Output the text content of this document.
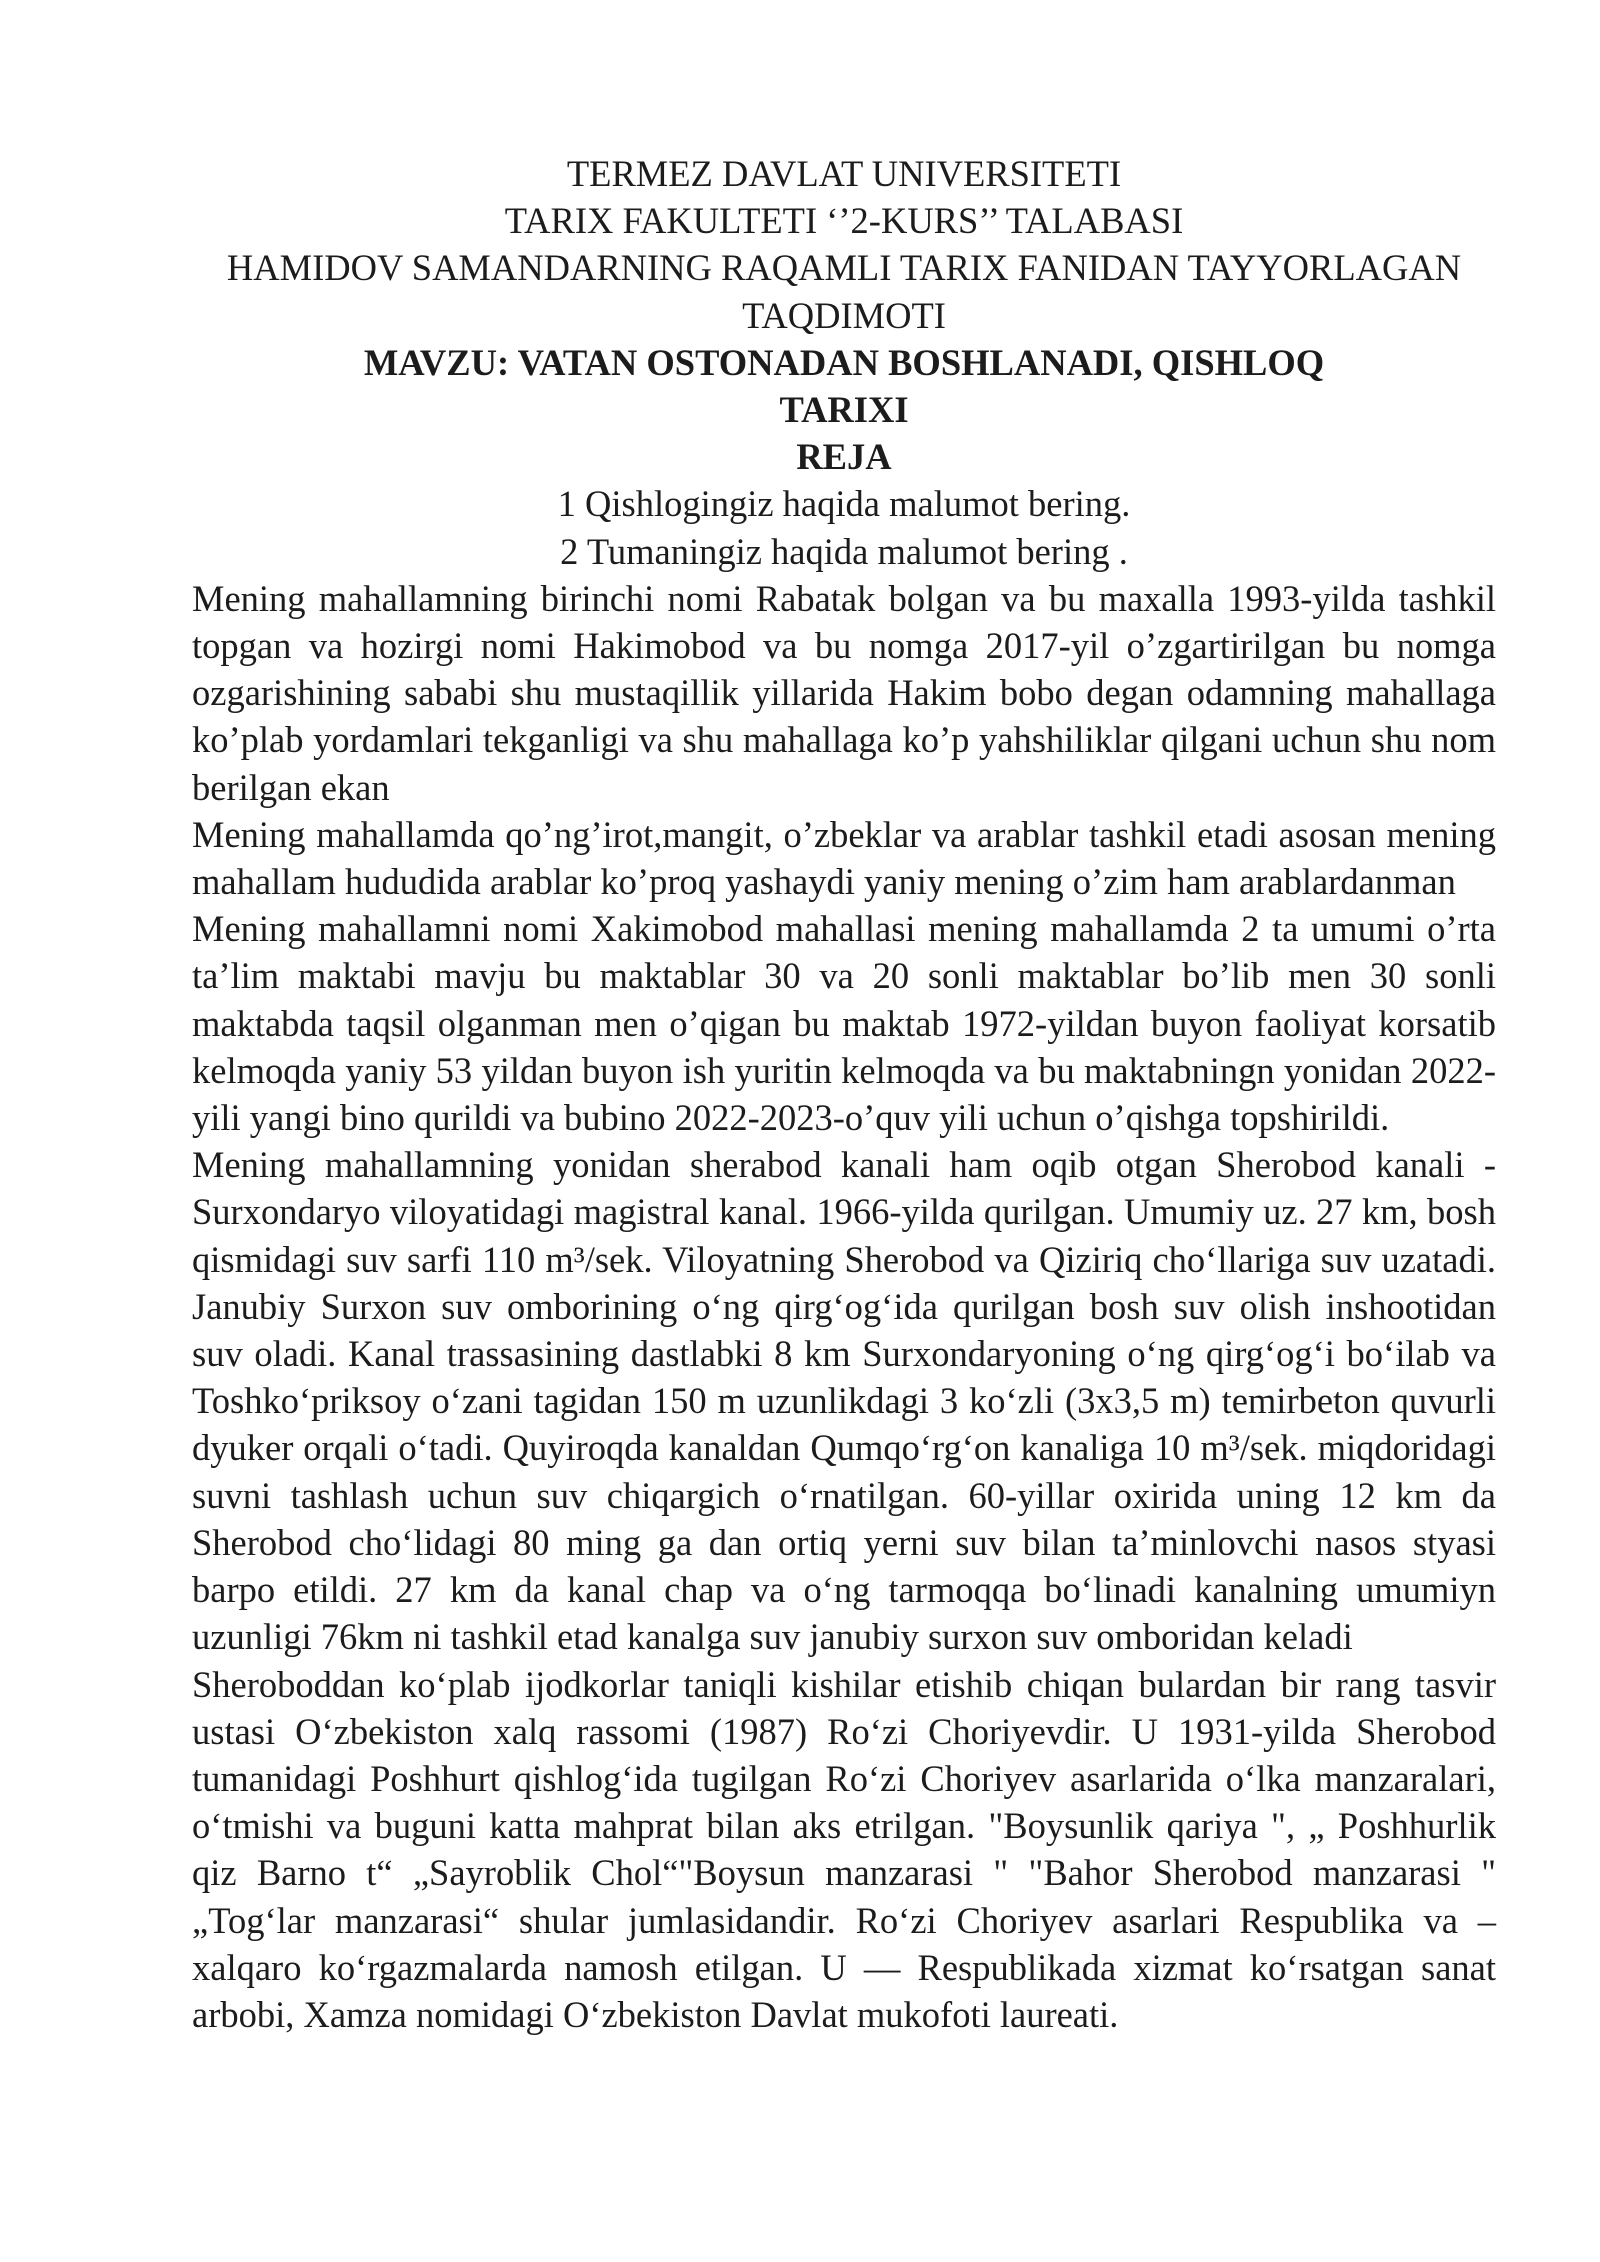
TERMEZ DAVLAT UNIVERSITETI
TARIX FAKULTETI ‘’2-KURS’’ TALABASI
HAMIDOV SAMANDARNING RAQAMLI TARIX FANIDAN TAYYORLAGAN TAQDIMOTI
MAVZU: VATAN OSTONADAN BOSHLANADI, QISHLOQ TARIXI
REJA
1 Qishlogingiz haqida malumot bering.
2 Tumaningiz haqida malumot bering .

Mening mahallamning birinchi nomi Rabatak bolgan va bu maxalla 1993-yilda tashkil topgan va hozirgi nomi Hakimobod va bu nomga 2017-yil o’zgartirilgan bu nomga ozgarishining sababi shu mustaqillik yillarida Hakim bobo degan odamning mahallaga ko’plab yordamlari tekganligi va shu mahallaga ko’p yahshiliklar qilgani uchun shu nom berilgan ekan

Mening mahallamda qo’ng’irot,mangit, o’zbeklar va arablar tashkil etadi asosan mening mahallam hududida arablar ko’proq yashaydi yaniy mening o’zim ham arablardanman

Mening mahallamni nomi Xakimobod mahallasi mening mahallamda 2 ta umumi o’rta ta’lim maktabi mavju bu maktablar 30 va 20 sonli maktablar bo’lib men 30 sonli maktabda taqsil olganman men o’qigan bu maktab 1972-yildan buyon faoliyat korsatib kelmoqda yaniy 53 yildan buyon ish yuritin kelmoqda va bu maktabningn yonidan 2022-yili yangi bino qurildi va bubino 2022-2023-o’quv yili uchun o’qishga topshirildi.

Mening mahallamning yonidan sherabod kanali ham oqib otgan Sherobod kanali - Surxondaryo viloyatidagi magistral kanal. 1966-yilda qurilgan. Umumiy uz. 27 km, bosh qismidagi suv sarfi 110 m³/sek. Viloyatning Sherobod va Qiziriq cho‘llariga suv uzatadi. Janubiy Surxon suv omborining o‘ng qirg‘og‘ida qurilgan bosh suv olish inshootidan suv oladi. Kanal trassasining dastlabki 8 km Surxondaryoning o‘ng qirg‘og‘i bo‘ilab va Toshko‘priksoy o‘zani tagidan 150 m uzunlikdagi 3 ko‘zli (3x3,5 m) temirbeton quvurli dyuker orqali o‘tadi. Quyiroqda kanaldan Qumqo‘rg‘on kanaliga 10 m³/sek. miqdoridagi suvni tashlash uchun suv chiqargich o‘rnatilgan. 60-yillar oxirida uning 12 km da Sherobod cho‘lidagi 80 ming ga dan ortiq yerni suv bilan ta’minlovchi nasos styasi barpo etildi. 27 km da kanal chap va o‘ng tarmoqqa bo‘linadi kanalning umumiyn uzunligi 76km ni tashkil etad kanalga suv janubiy surxon suv omboridan keladi

Sheroboddan ko‘plab ijodkorlar taniqli kishilar etishib chiqan bulardan bir rang tasvir ustasi O‘zbekiston xalq rassomi (1987) Ro‘zi Choriyevdir. U 1931-yilda Sherobod tumanidagi Poshhurt qishlog‘ida tugilgan Ro‘zi Choriyev asarlarida o‘lka manzaralari, o‘tmishi va buguni katta mahprat bilan aks etrilgan. "Boysunlik qariya ", „ Poshhurlik qiz Barno t“ „Sayroblik Chol“"Boysun manzarasi " "Bahor Sherobod manzarasi " „Tog‘lar manzarasi“ shular jumlasidandir. Ro‘zi Choriyev asarlari Respublika va – xalqaro ko‘rgazmalarda namosh etilgan. U — Respublikada xizmat ko‘rsatgan sanat arbobi, Xamza nomidagi O‘zbekiston Davlat mukofoti laureati.
